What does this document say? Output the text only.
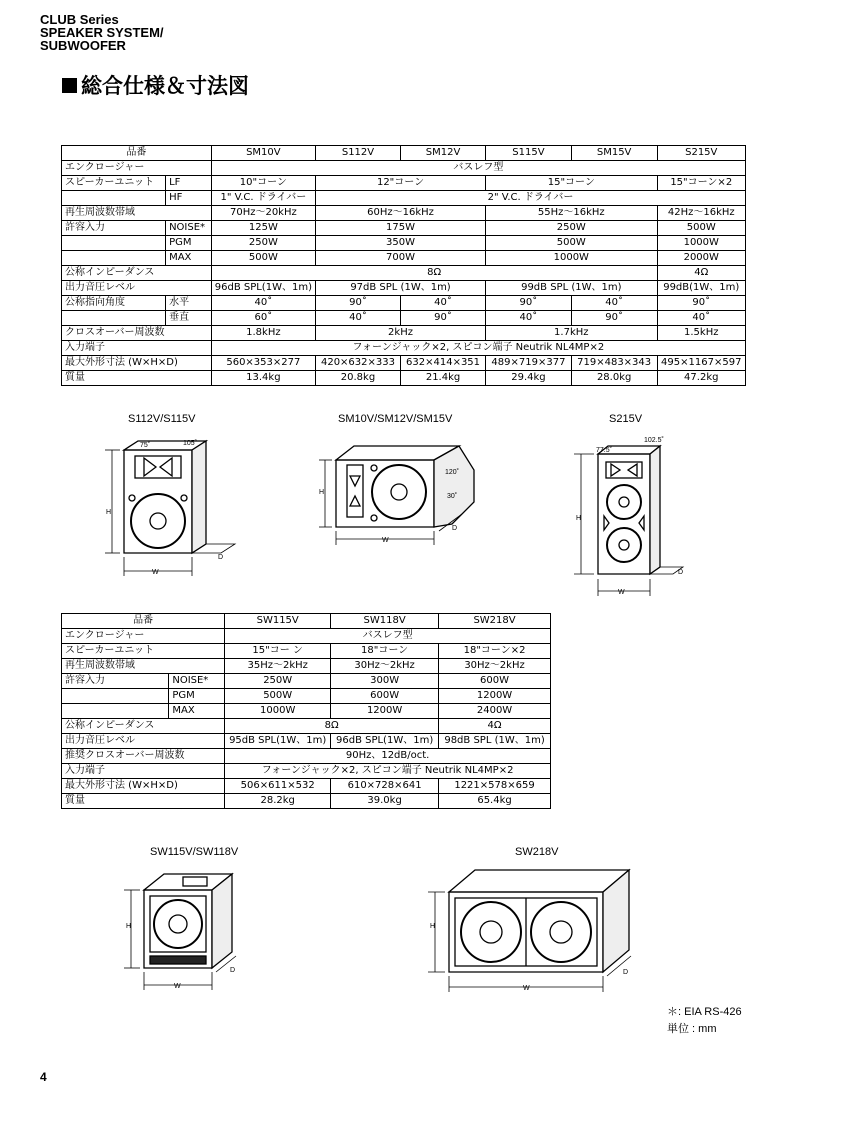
CLUB Series
SPEAKER SYSTEM/
SUBWOOFER
総合仕様＆寸法図
品番		SM10V	S112V	SM12V	S115V	SM15V	S215V
エンクロージャー		バスレフ型					
スピーカーユニット	LF	10"コーン	12"コーン		15"コーン		15"コーン×2
	HF	1" V.C. ドライバー	2" V.C. ドライバー				
再生周波数帯域		70Hz～20kHz	60Hz～16kHz		55Hz～16kHz		42Hz～16kHz
許容入力	NOISE*	125W	175W		250W		500W
	PGM	250W	350W		500W		1000W
	MAX	500W	700W		1000W		2000W
公称インピーダンス		8Ω					4Ω
出力音圧レベル		96dB SPL(1W、1m)	97dB SPL (1W、1m)		99dB SPL (1W、1m)		99dB(1W、1m)
公称指向角度	水平	40˚	90˚	40˚	90˚	40˚	90˚
	垂直	60˚	40˚	90˚	40˚	90˚	40˚
クロスオーバー周波数		1.8kHz	2kHz		1.7kHz		1.5kHz
入力端子		フォーンジャック×2, スピコン端子 Neutrik NL4MP×2					
最大外形寸法 (W×H×D)		560×353×277	420×632×333	632×414×351	489×719×377	719×483×343	495×1167×597
質量		13.4kg	20.8kg	21.4kg	29.4kg	28.0kg	47.2kg
S112V/S115V	SM10V/SM12V/SM15V	S215V
H
W
D
75˚	105˚
H
W
D
120˚
30˚
H
W
D
77.5˚
102.5˚
品番		SW115V	SW118V	SW218V
エンクロージャー		バスレフ型		
スピーカーユニット		15"コー ン	18"コーン	18"コーン×2
再生周波数帯域		35Hz～2kHz	30Hz～2kHz	30Hz～2kHz
許容入力	NOISE*	250W	300W	600W
	PGM	500W	600W	1200W
	MAX	1000W	1200W	2400W
公称インピーダンス		8Ω		4Ω
出力音圧レベル		95dB SPL(1W、1m)	96dB SPL(1W、1m)	98dB SPL (1W、1m)
推奨クロスオーバー周波数		90Hz、12dB/oct.		
入力端子		フォーンジャック×2, スピコン端子 Neutrik NL4MP×2		
最大外形寸法 (W×H×D)		506×611×532	610×728×641	1221×578×659
質量		28.2kg	39.0kg	65.4kg
SW115V/SW118V	SW218V
H
W
D
H
W
D
＊: EIA RS-426
単位 : mm
4
